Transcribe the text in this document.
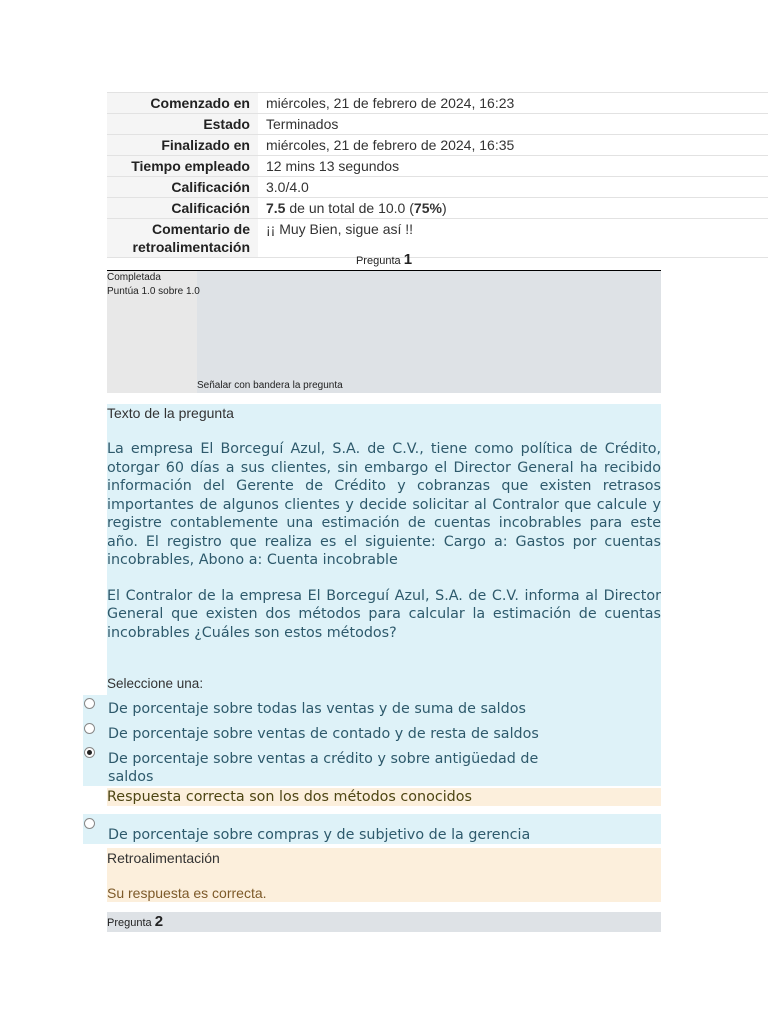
Comenzado en	miércoles, 21 de febrero de 2024, 16:23
Estado	Terminados
Finalizado en	miércoles, 21 de febrero de 2024, 16:35
Tiempo empleado	12 mins 13 segundos
Calificación	3.0/4.0
Calificación	7.5 de un total de 10.0 (75%)
Comentario de
retroalimentación	¡¡ Muy Bien, sigue así !!
Pregunta 1
Completada
Puntúa 1.0 sobre 1.0
Señalar con bandera la pregunta
Texto de la pregunta

La empresa El Borceguí Azul, S.A. de C.V., tiene como política de Crédito, otorgar 60 días a sus clientes, sin embargo el Director General ha recibido información del Gerente de Crédito y cobranzas que existen retrasos importantes de algunos clientes y decide solicitar al Contralor que calcule y registre contablemente una estimación de cuentas incobrables para este año. El registro que realiza es el siguiente: Cargo a: Gastos por cuentas incobrables, Abono a: Cuenta incobrable

El Contralor de la empresa El Borceguí Azul, S.A. de C.V. informa al Director General que existen dos métodos para calcular la estimación de cuentas incobrables ¿Cuáles son estos métodos?

Seleccione una:
De porcentaje sobre todas las ventas y de suma de saldos
De porcentaje sobre ventas de contado y de resta de saldos
De porcentaje sobre ventas a crédito y sobre antigüedad de
saldos
Respuesta correcta son los dos métodos conocidos
De porcentaje sobre compras y de subjetivo de la gerencia
Retroalimentación
Su respuesta es correcta.
Pregunta 2
